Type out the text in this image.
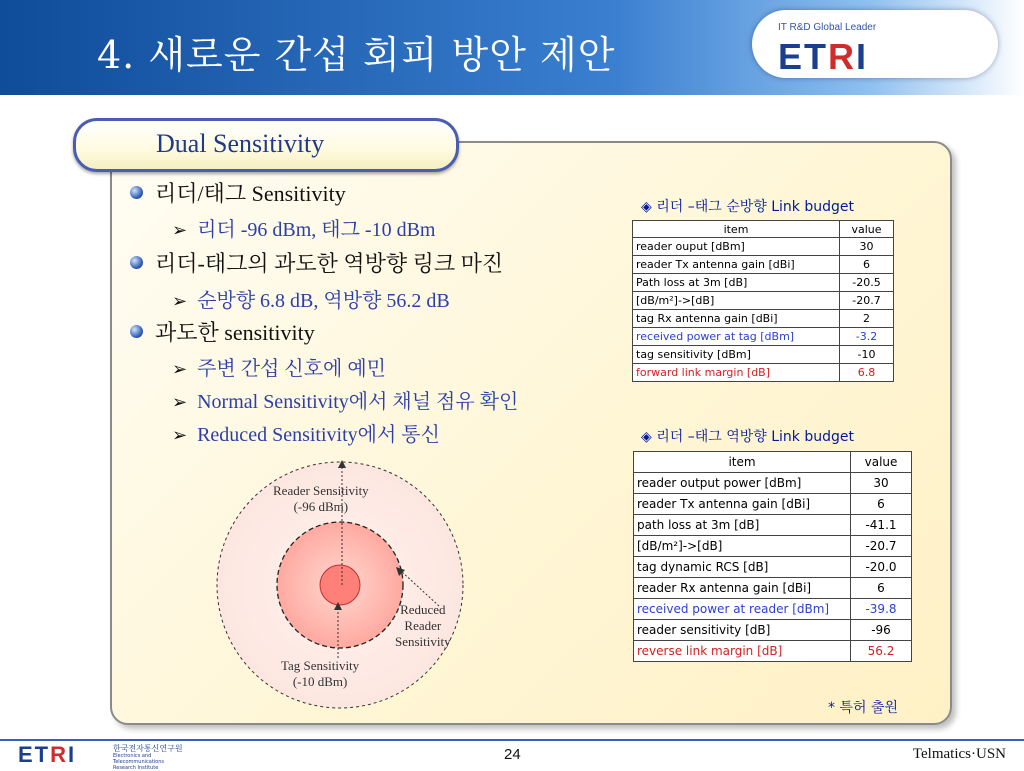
4. 새로운 간섭 회피 방안 제안
IT R&D Global Leader
ETRI
Dual Sensitivity
리더/태그 Sensitivity
➢ 리더 -96 dBm, 태그 -10 dBm
리더-태그의 과도한 역방향 링크 마진
➢ 순방향 6.8 dB, 역방향 56.2 dB
과도한 sensitivity
➢ 주변 간섭 신호에 예민
➢ Normal Sensitivity에서 채널 점유 확인
➢ Reduced Sensitivity에서 통신
Reader Sensitivity
(-96 dBm)
Reduced
Reader
Sensitivity
Tag Sensitivity
(-10 dBm)
◈ 리더 –태그 순방향 Link budget
item	value
reader ouput [dBm]	30
reader Tx antenna gain [dBi]	6
Path loss at 3m [dB]	-20.5
[dB/m²]->[dB]	-20.7
tag Rx antenna gain [dBi]	2
received power at tag [dBm]	-3.2
tag sensitivity [dBm]	-10
forward link margin [dB]	6.8
◈ 리더 –태그 역방향 Link budget
item	value
reader output power [dBm]	30
reader Tx antenna gain [dBi]	6
path loss at 3m [dB]	-41.1
[dB/m²]->[dB]	-20.7
tag dynamic RCS [dB]	-20.0
reader Rx antenna gain [dBi]	6
received power at reader [dBm]	-39.8
reader sensitivity [dB]	-96
reverse link margin [dB]	56.2
* 특허 출원
ETRI	한국전자통신연구원
Electronics and Telecommunications Research Institute
24	Telmatics·USN
